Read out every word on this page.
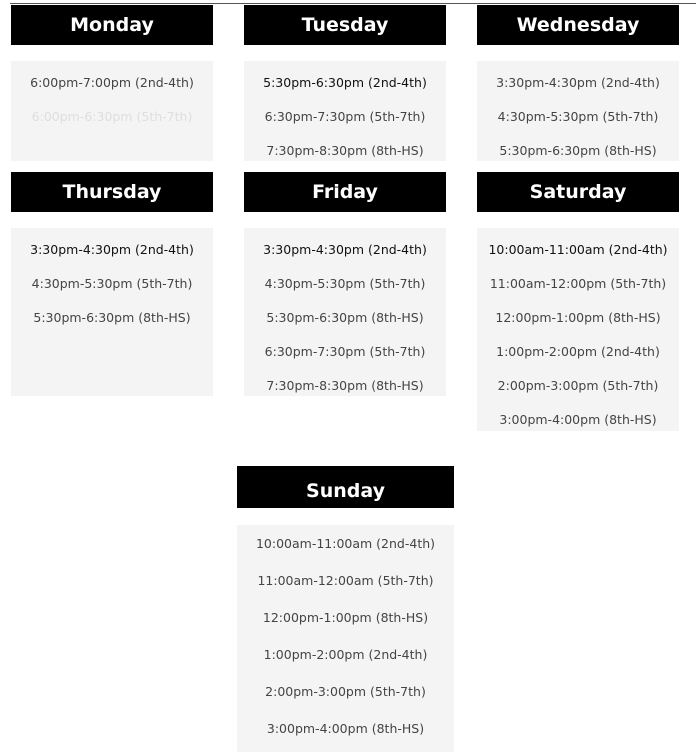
Monday
6:00pm-7:00pm (2nd-4th)
6:00pm-6:30pm (5th-7th)
Tuesday
5:30pm-6:30pm (2nd-4th)
6:30pm-7:30pm (5th-7th)
7:30pm-8:30pm (8th-HS)
Wednesday
3:30pm-4:30pm (2nd-4th)
4:30pm-5:30pm (5th-7th)
5:30pm-6:30pm (8th-HS)
Thursday
3:30pm-4:30pm (2nd-4th)
4:30pm-5:30pm (5th-7th)
5:30pm-6:30pm (8th-HS)
Friday
3:30pm-4:30pm (2nd-4th)
4:30pm-5:30pm (5th-7th)
5:30pm-6:30pm (8th-HS)
6:30pm-7:30pm (5th-7th)
7:30pm-8:30pm (8th-HS)
Saturday
10:00am-11:00am (2nd-4th)
11:00am-12:00pm (5th-7th)
12:00pm-1:00pm (8th-HS)
1:00pm-2:00pm (2nd-4th)
2:00pm-3:00pm (5th-7th)
3:00pm-4:00pm (8th-HS)
Sunday
10:00am-11:00am (2nd-4th)
11:00am-12:00am (5th-7th)
12:00pm-1:00pm (8th-HS)
1:00pm-2:00pm (2nd-4th)
2:00pm-3:00pm (5th-7th)
3:00pm-4:00pm (8th-HS)
